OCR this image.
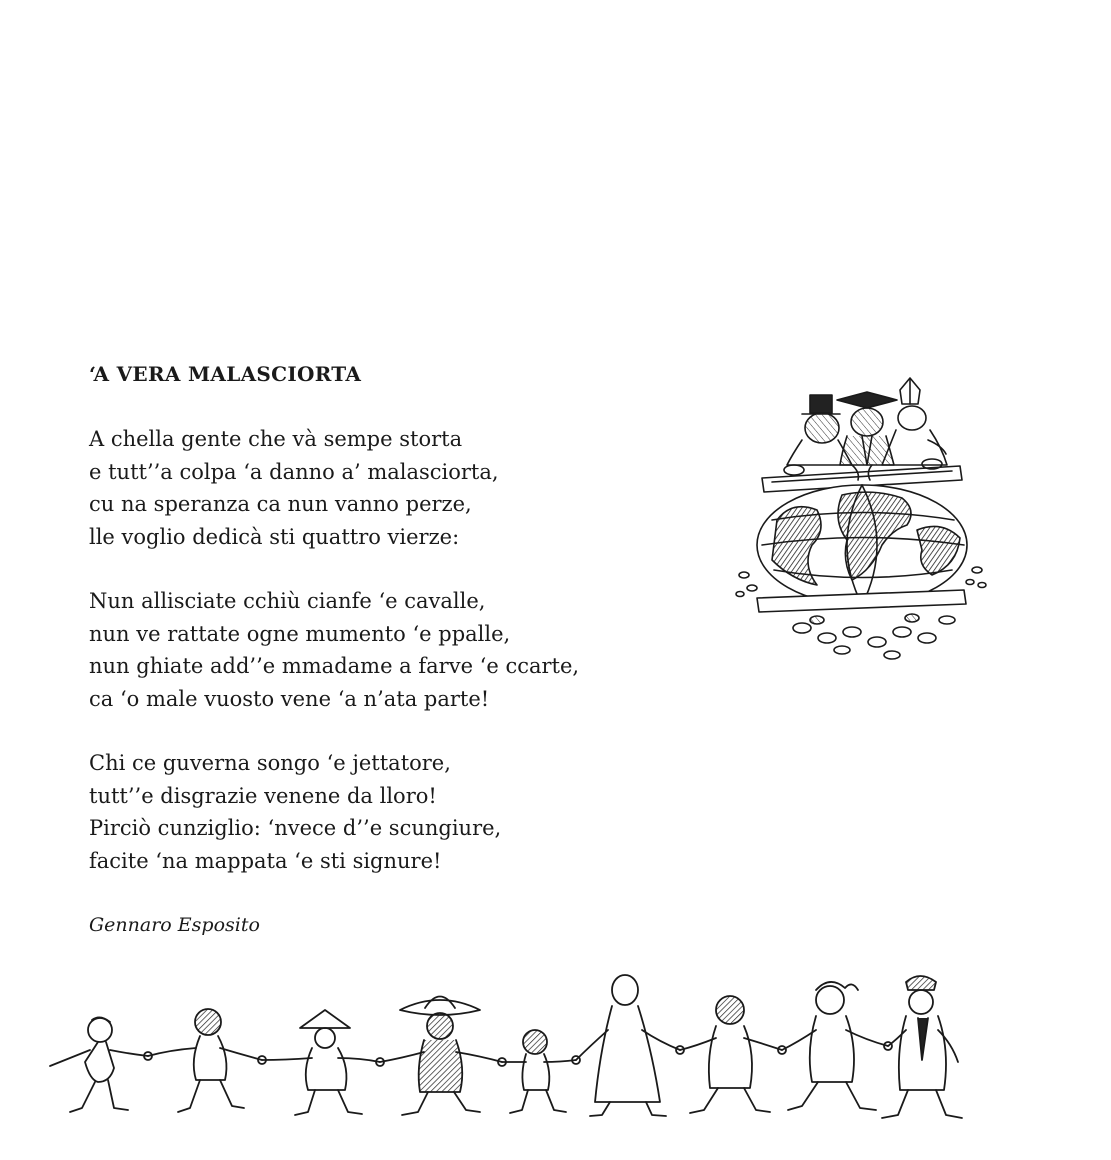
‘A VERA MALASCIORTA
A chella gente che và sempe storta
e tutt’’a colpa ‘a danno a’ malasciorta,
cu na speranza ca nun vanno perze,
lle voglio dedicà sti quattro vierze:
Nun allisciate cchiù cianfe ‘e cavalle,
nun ve rattate ogne mumento ‘e ppalle,
nun ghiate add’’e mmadame a farve ‘e ccarte,
ca ‘o male vuosto vene ‘a n’ata parte!
Chi ce guverna songo ‘e jettatore,
tutt’’e disgrazie venene da lloro!
Pirciò cunziglio: ‘nvece d’’e scungiure,
facite ‘na mappata ‘e sti signure!
Gennaro Esposito
